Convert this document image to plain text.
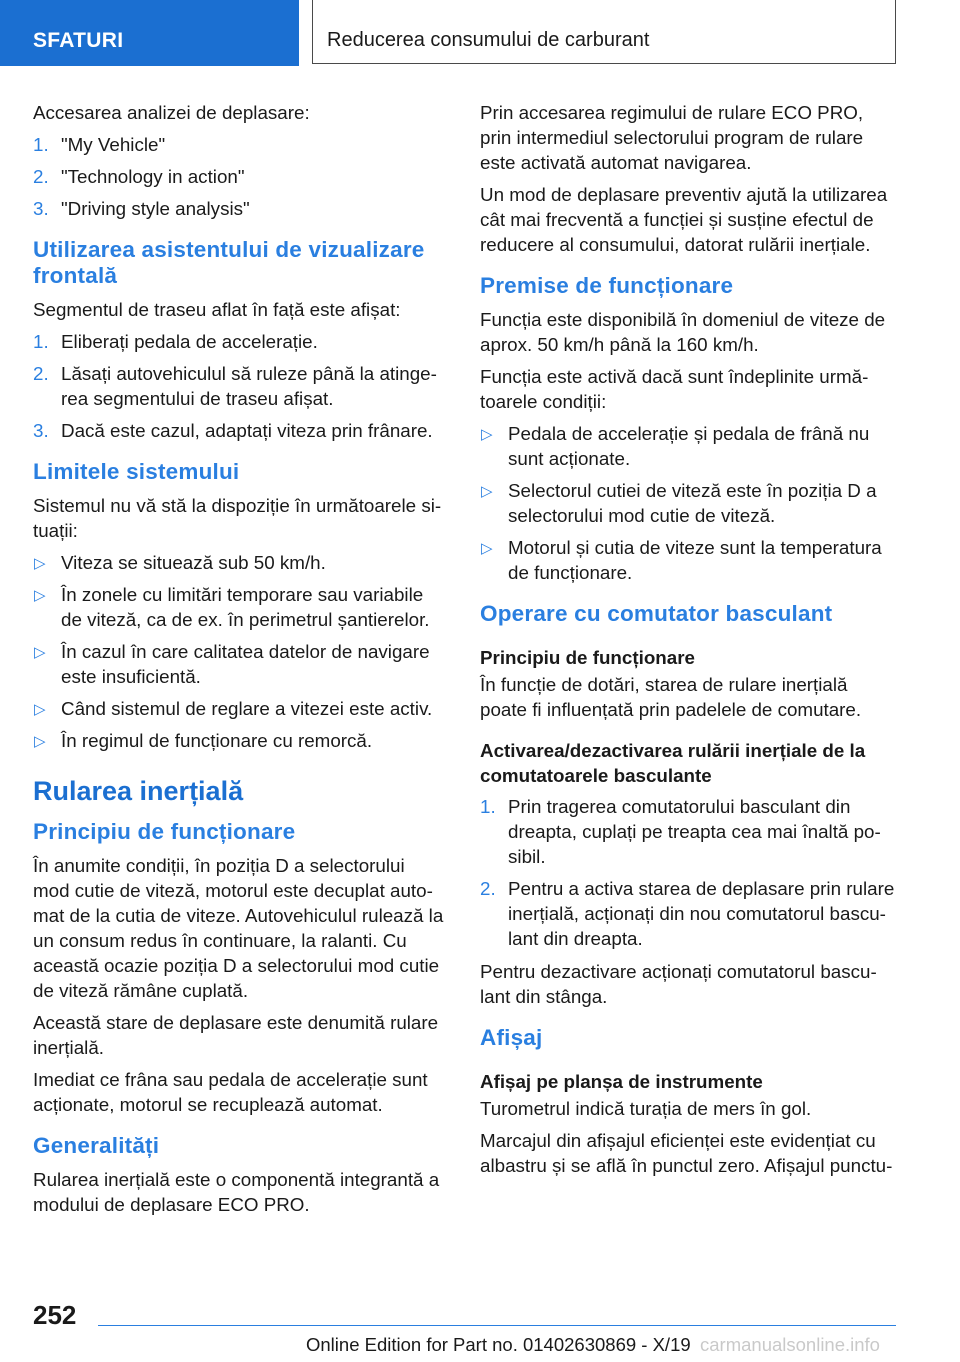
SFATURI	Reducerea consumului de carburant

Accesarea analizei de deplasare:

1. "My Vehicle"
2. "Technology in action"
3. "Driving style analysis"
Utilizarea asistentului de vizualizare frontală

Segmentul de traseu aflat în față este afișat:

1. Eliberați pedala de accelerație.
2. Lăsați autovehiculul să ruleze până la atinge-rea segmentului de traseu afișat.
3. Dacă este cazul, adaptați viteza prin frânare.
Limitele sistemului

Sistemul nu vă stă la dispoziție în următoarele si-tuații:

▷ Viteza se situează sub 50 km/h.
▷ În zonele cu limitări temporare sau variabile de viteză, ca de ex. în perimetrul șantierelor.
▷ În cazul în care calitatea datelor de navigare este insuficientă.
▷ Când sistemul de reglare a vitezei este activ.
▷ În regimul de funcționare cu remorcă.
Rularea inerțială
Principiu de funcționare

În anumite condiții, în poziția D a selectorului mod cutie de viteză, motorul este decuplat auto-mat de la cutia de viteze. Autovehiculul rulează la un consum redus în continuare, la ralanti. Cu această ocazie poziția D a selectorului mod cutie de viteză rămâne cuplată.

Această stare de deplasare este denumită rulare inerțială.

Imediat ce frâna sau pedala de accelerație sunt acționate, motorul se recuplează automat.

Generalități

Rularea inerțială este o componentă integrantă a modului de deplasare ECO PRO.

Prin accesarea regimului de rulare ECO PRO, prin intermediul selectorului program de rulare este activată automat navigarea.

Un mod de deplasare preventiv ajută la utilizarea cât mai frecventă a funcției și susține efectul de reducere al consumului, datorat rulării inerțiale.

Premise de funcționare

Funcția este disponibilă în domeniul de viteze de aprox. 50 km/h până la 160 km/h.

Funcția este activă dacă sunt îndeplinite urmă-toarele condiții:

▷ Pedala de accelerație și pedala de frână nu sunt acționate.
▷ Selectorul cutiei de viteză este în poziția D a selectorului mod cutie de viteză.
▷ Motorul și cutia de viteze sunt la temperatura de funcționare.
Operare cu comutator basculant
Principiu de funcționare

În funcție de dotări, starea de rulare inerțială poate fi influențată prin padelele de comutare.

Activarea/dezactivarea rulării inerțiale de la comutatoarele basculante
1. Prin tragerea comutatorului basculant din dreapta, cuplați pe treapta cea mai înaltă po-sibil.
2. Pentru a activa starea de deplasare prin rulare inerțială, acționați din nou comutatorul bascu-lant din dreapta.

Pentru dezactivare acționați comutatorul bascu-lant din stânga.

Afișaj
Afișaj pe planșa de instrumente

Turometrul indică turația de mers în gol.

Marcajul din afișajul eficienței este evidențiat cu albastru și se află în punctul zero. Afișajul punctu-

252
Online Edition for Part no. 01402630869 - X/19 carmanualsonline.info
